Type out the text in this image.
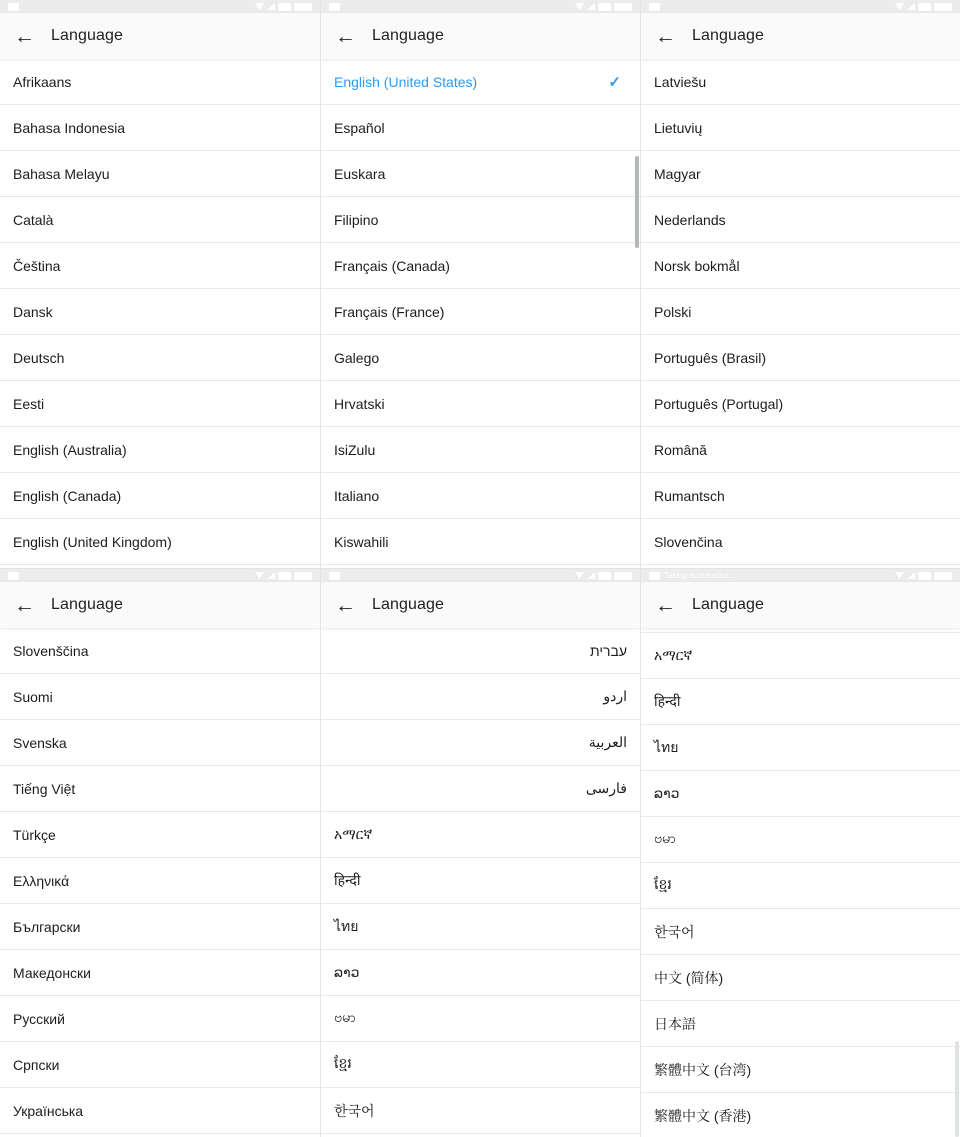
← Language
Afrikaans
Bahasa Indonesia
Bahasa Melayu
Català
Čeština
Dansk
Deutsch
Eesti
English (Australia)
English (Canada)
English (United Kingdom)
← Language
English (United States)	✓
Español
Euskara
Filipino
Français (Canada)
Français (France)
Galego
Hrvatski
IsiZulu
Italiano
Kiswahili
← Language
Latviešu
Lietuvių
Magyar
Nederlands
Norsk bokmål
Polski
Português (Brasil)
Português (Portugal)
Română
Rumantsch
Slovenčina
← Language
Slovenščina
Suomi
Svenska
Tiếng Việt
Türkçe
Ελληνικά
Български
Македонски
Русский
Српски
Українська
← Language
עברית
اردو
العربية
فارسی
አማርኛ
हिन्दी
ไทย
ລາວ
ဗမာ
ខ្មែរ
한국어
Taking screenshot...
← Language
አማርኛ
हिन्दी
ไทย
ລາວ
ဗမာ
ខ្មែរ
한국어
中文 (简体)
日本語
繁體中文 (台湾)
繁體中文 (香港)
